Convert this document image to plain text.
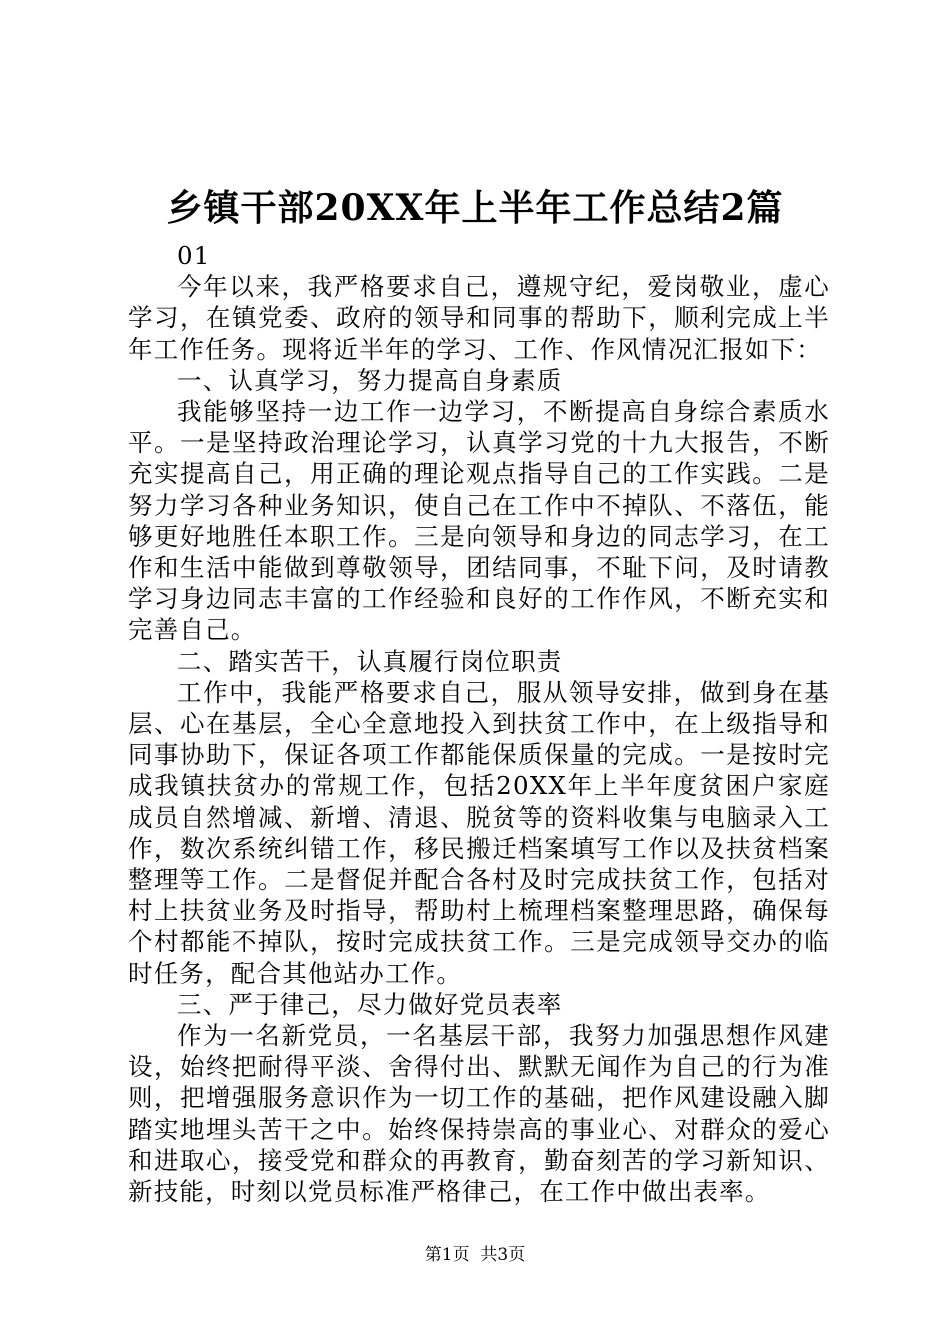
乡镇干部20XX年上半年工作总结2篇

01

今年以来，我严格要求自己，遵规守纪，爱岗敬业，虚心学习，在镇党委、政府的领导和同事的帮助下，顺利完成上半年工作任务。现将近半年的学习、工作、作风情况汇报如下：

一、认真学习，努力提高自身素质

我能够坚持一边工作一边学习，不断提高自身综合素质水平。一是坚持政治理论学习，认真学习党的十九大报告，不断充实提高自己，用正确的理论观点指导自己的工作实践。二是努力学习各种业务知识，使自己在工作中不掉队、不落伍，能够更好地胜任本职工作。三是向领导和身边的同志学习，在工作和生活中能做到尊敬领导，团结同事，不耻下问，及时请教学习身边同志丰富的工作经验和良好的工作作风，不断充实和完善自己。

二、踏实苦干，认真履行岗位职责

工作中，我能严格要求自己，服从领导安排，做到身在基层、心在基层，全心全意地投入到扶贫工作中，在上级指导和同事协助下，保证各项工作都能保质保量的完成。一是按时完成我镇扶贫办的常规工作，包括20XX年上半年度贫困户家庭成员自然增减、新增、清退、脱贫等的资料收集与电脑录入工作，数次系统纠错工作，移民搬迁档案填写工作以及扶贫档案整理等工作。二是督促并配合各村及时完成扶贫工作，包括对村上扶贫业务及时指导，帮助村上梳理档案整理思路，确保每个村都能不掉队，按时完成扶贫工作。三是完成领导交办的临时任务，配合其他站办工作。

三、严于律己，尽力做好党员表率

作为一名新党员，一名基层干部，我努力加强思想作风建设，始终把耐得平淡、舍得付出、默默无闻作为自己的行为准则，把增强服务意识作为一切工作的基础，把作风建设融入脚踏实地埋头苦干之中。始终保持崇高的事业心、对群众的爱心和进取心，接受党和群众的再教育，勤奋刻苦的学习新知识、新技能，时刻以党员标准严格律己，在工作中做出表率。

第1页 共3页
